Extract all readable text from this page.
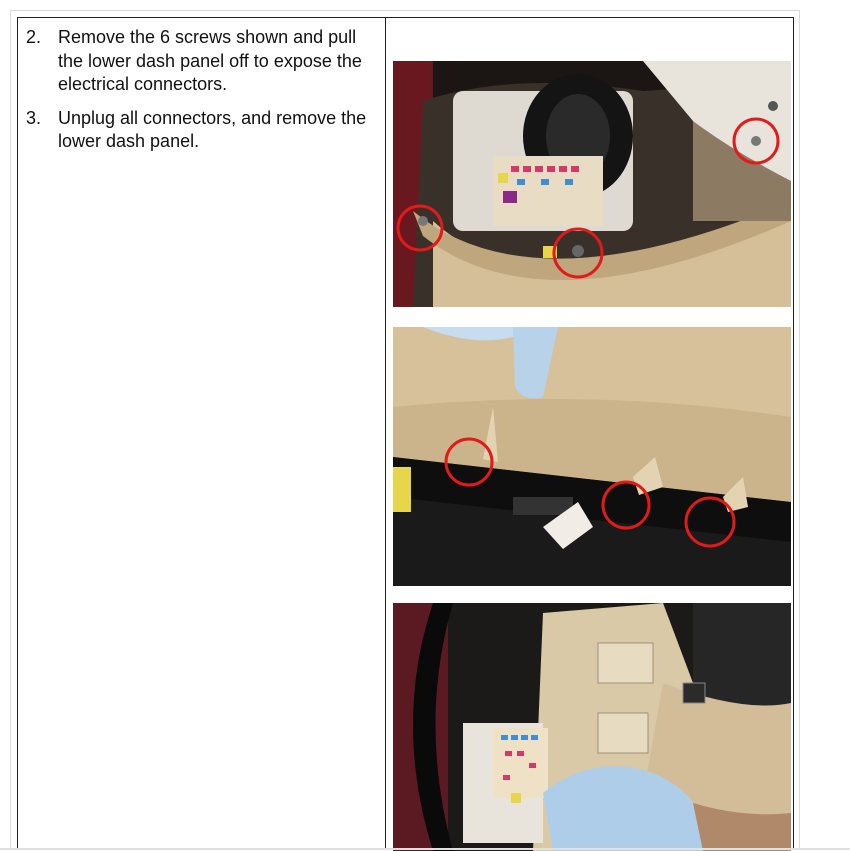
2. Remove the 6 screws shown and pull the lower dash panel off to expose the electrical connectors.
3. Unplug all connectors, and remove the lower dash panel.
